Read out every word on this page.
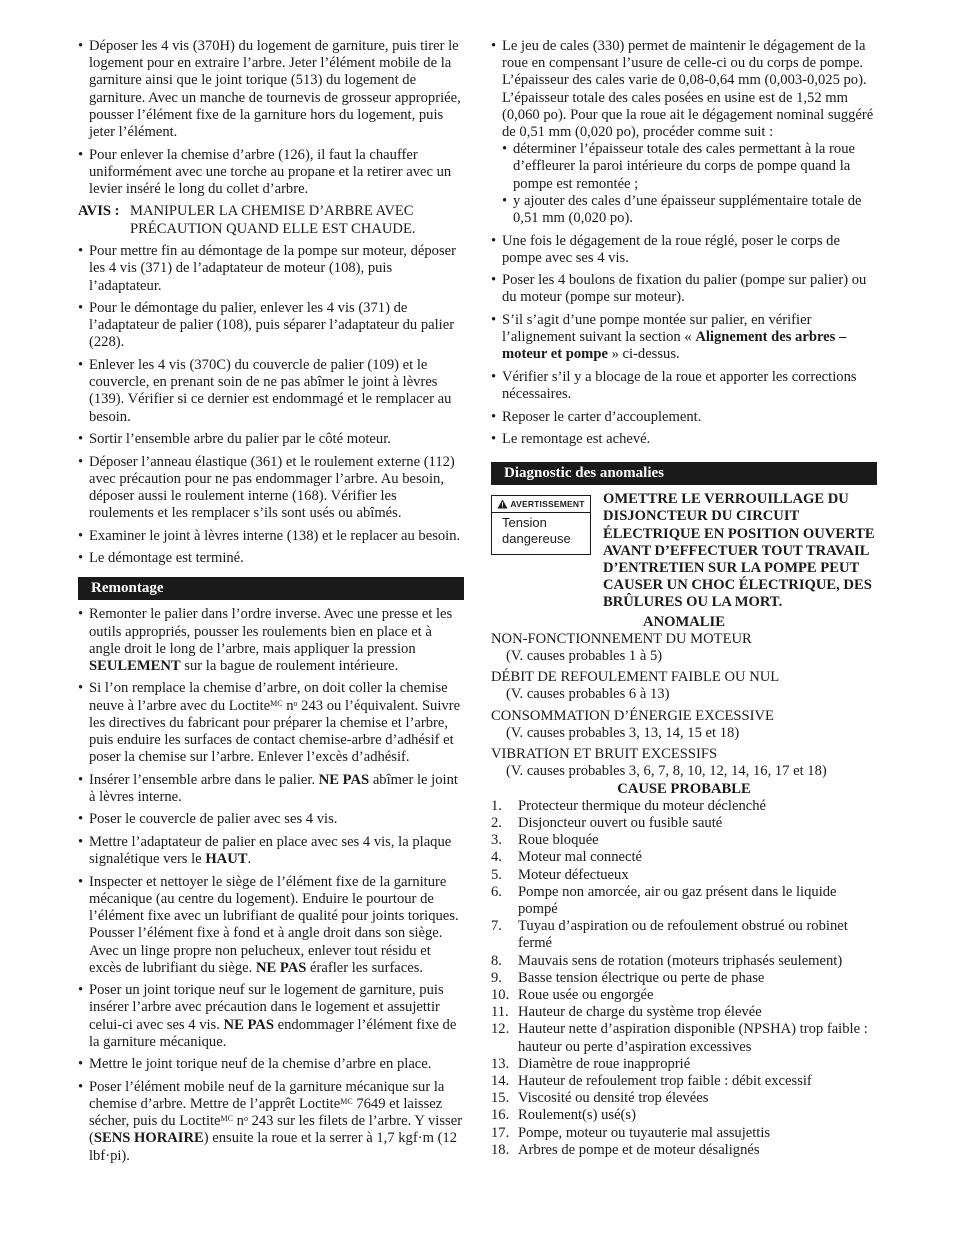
• Déposer les 4 vis (370H) du logement de garniture, puis tirer le logement pour en extraire l’arbre. Jeter l’élément mobile de la garniture ainsi que le joint torique (513) du logement de garniture. Avec un manche de tournevis de grosseur appropriée, pousser l’élément fixe de la garniture hors du logement, puis jeter l’élément.
• Pour enlever la chemise d’arbre (126), il faut la chauffer uniformément avec une torche au propane et la retirer avec un levier inséré le long du collet d’arbre.
AVIS : MANIPULER LA CHEMISE D’ARBRE AVEC PRÉCAUTION QUAND ELLE EST CHAUDE.
• Pour mettre fin au démontage de la pompe sur moteur, déposer les 4 vis (371) de l’adaptateur de moteur (108), puis l’adaptateur.
• Pour le démontage du palier, enlever les 4 vis (371) de l’adaptateur de palier (108), puis séparer l’adaptateur du palier (228).
• Enlever les 4 vis (370C) du couvercle de palier (109) et le couvercle, en prenant soin de ne pas abîmer le joint à lèvres (139). Vérifier si ce dernier est endommagé et le remplacer au besoin.
• Sortir l’ensemble arbre du palier par le côté moteur.
• Déposer l’anneau élastique (361) et le roulement externe (112) avec précaution pour ne pas endommager l’arbre. Au besoin, déposer aussi le roulement interne (168). Vérifier les roulements et les remplacer s’ils sont usés ou abîmés.
• Examiner le joint à lèvres interne (138) et le replacer au besoin.
• Le démontage est terminé.
Remontage
• Remonter le palier dans l’ordre inverse. Avec une presse et les outils appropriés, pousser les roulements bien en place et à angle droit le long de l’arbre, mais appliquer la pression SEULEMENT sur la bague de roulement intérieure.
• Si l’on remplace la chemise d’arbre, on doit coller la chemise neuve à l’arbre avec du Loctite$^{MC}$ $n^o$ 243 ou l’équivalent. Suivre les directives du fabricant pour préparer la chemise et l’arbre, puis enduire les surfaces de contact chemise-arbre d’adhésif et poser la chemise sur l’arbre. Enlever l’excès d’adhésif.
• Insérer l’ensemble arbre dans le palier. NE PAS abîmer le joint à lèvres interne.
• Poser le couvercle de palier avec ses 4 vis.
• Mettre l’adaptateur de palier en place avec ses 4 vis, la plaque signalétique vers le HAUT.
• Inspecter et nettoyer le siège de l’élément fixe de la garniture mécanique (au centre du logement). Enduire le pourtour de l’élément fixe avec un lubrifiant de qualité pour joints toriques. Pousser l’élément fixe à fond et à angle droit dans son siège. Avec un linge propre non pelucheux, enlever tout résidu et excès de lubrifiant du siège. NE PAS érafler les surfaces.
• Poser un joint torique neuf sur le logement de garniture, puis insérer l’arbre avec précaution dans le logement et assujettir celui-ci avec ses 4 vis. NE PAS endommager l’élément fixe de la garniture mécanique.
• Mettre le joint torique neuf de la chemise d’arbre en place.
• Poser l’élément mobile neuf de la garniture mécanique sur la chemise d’arbre. Mettre de l’apprêt Loctite$^{MC}$ 7649 et laissez sécher, puis du Loctite$^{MC}$ $n^o$ 243 sur les filets de l’arbre. Y visser (SENS HORAIRE) ensuite la roue et la serrer à 1,7 kgf·m (12 lbf·pi).
• Le jeu de cales (330) permet de maintenir le dégagement de la roue en compensant l’usure de celle-ci ou du corps de pompe. L’épaisseur des cales varie de 0,08-0,64 mm (0,003-0,025 po). L’épaisseur totale des cales posées en usine est de 1,52 mm (0,060 po). Pour que la roue ait le dégagement nominal suggéré de 0,51 mm (0,020 po), procéder comme suit :
• déterminer l’épaisseur totale des cales permettant à la roue d’effleurer la paroi intérieure du corps de pompe quand la pompe est remontée ;
• y ajouter des cales d’une épaisseur supplémentaire totale de 0,51 mm (0,020 po).
• Une fois le dégagement de la roue réglé, poser le corps de pompe avec ses 4 vis.
• Poser les 4 boulons de fixation du palier (pompe sur palier) ou du moteur (pompe sur moteur).
• S’il s’agit d’une pompe montée sur palier, en vérifier l’alignement suivant la section « Alignement des arbres – moteur et pompe » ci-dessus.
• Vérifier s’il y a blocage de la roue et apporter les corrections nécessaires.
• Reposer le carter d’accouplement.
• Le remontage est achevé.
Diagnostic des anomalies
AVERTISSEMENT
Tension dangereuse
OMETTRE LE VERROUILLAGE DU DISJONCTEUR DU CIRCUIT ÉLECTRIQUE EN POSITION OUVERTE AVANT D’EFFECTUER TOUT TRAVAIL D’ENTRETIEN SUR LA POMPE PEUT CAUSER UN CHOC ÉLECTRIQUE, DES BRÛLURES OU LA MORT.
ANOMALIE
NON-FONCTIONNEMENT DU MOTEUR
(V. causes probables 1 à 5)
DÉBIT DE REFOULEMENT FAIBLE OU NUL
(V. causes probables 6 à 13)
CONSOMMATION D’ÉNERGIE EXCESSIVE
(V. causes probables 3, 13, 14, 15 et 18)
VIBRATION ET BRUIT EXCESSIFS
(V. causes probables 3, 6, 7, 8, 10, 12, 14, 16, 17 et 18)
CAUSE PROBABLE
1.	Protecteur thermique du moteur déclenché
2.	Disjoncteur ouvert ou fusible sauté
3.	Roue bloquée
4.	Moteur mal connecté
5.	Moteur défectueux
6.	Pompe non amorcée, air ou gaz présent dans le liquide pompé
7.	Tuyau d’aspiration ou de refoulement obstrué ou robinet fermé
8.	Mauvais sens de rotation (moteurs triphasés seulement)
9.	Basse tension électrique ou perte de phase
10. Roue usée ou engorgée
11. Hauteur de charge du système trop élevée
12. Hauteur nette d’aspiration disponible (NPSHA) trop faible : hauteur ou perte d’aspiration excessives
13. Diamètre de roue inapproprié
14. Hauteur de refoulement trop faible : débit excessif
15. Viscosité ou densité trop élevées
16. Roulement(s) usé(s)
17. Pompe, moteur ou tuyauterie mal assujettis
18. Arbres de pompe et de moteur désalignés
